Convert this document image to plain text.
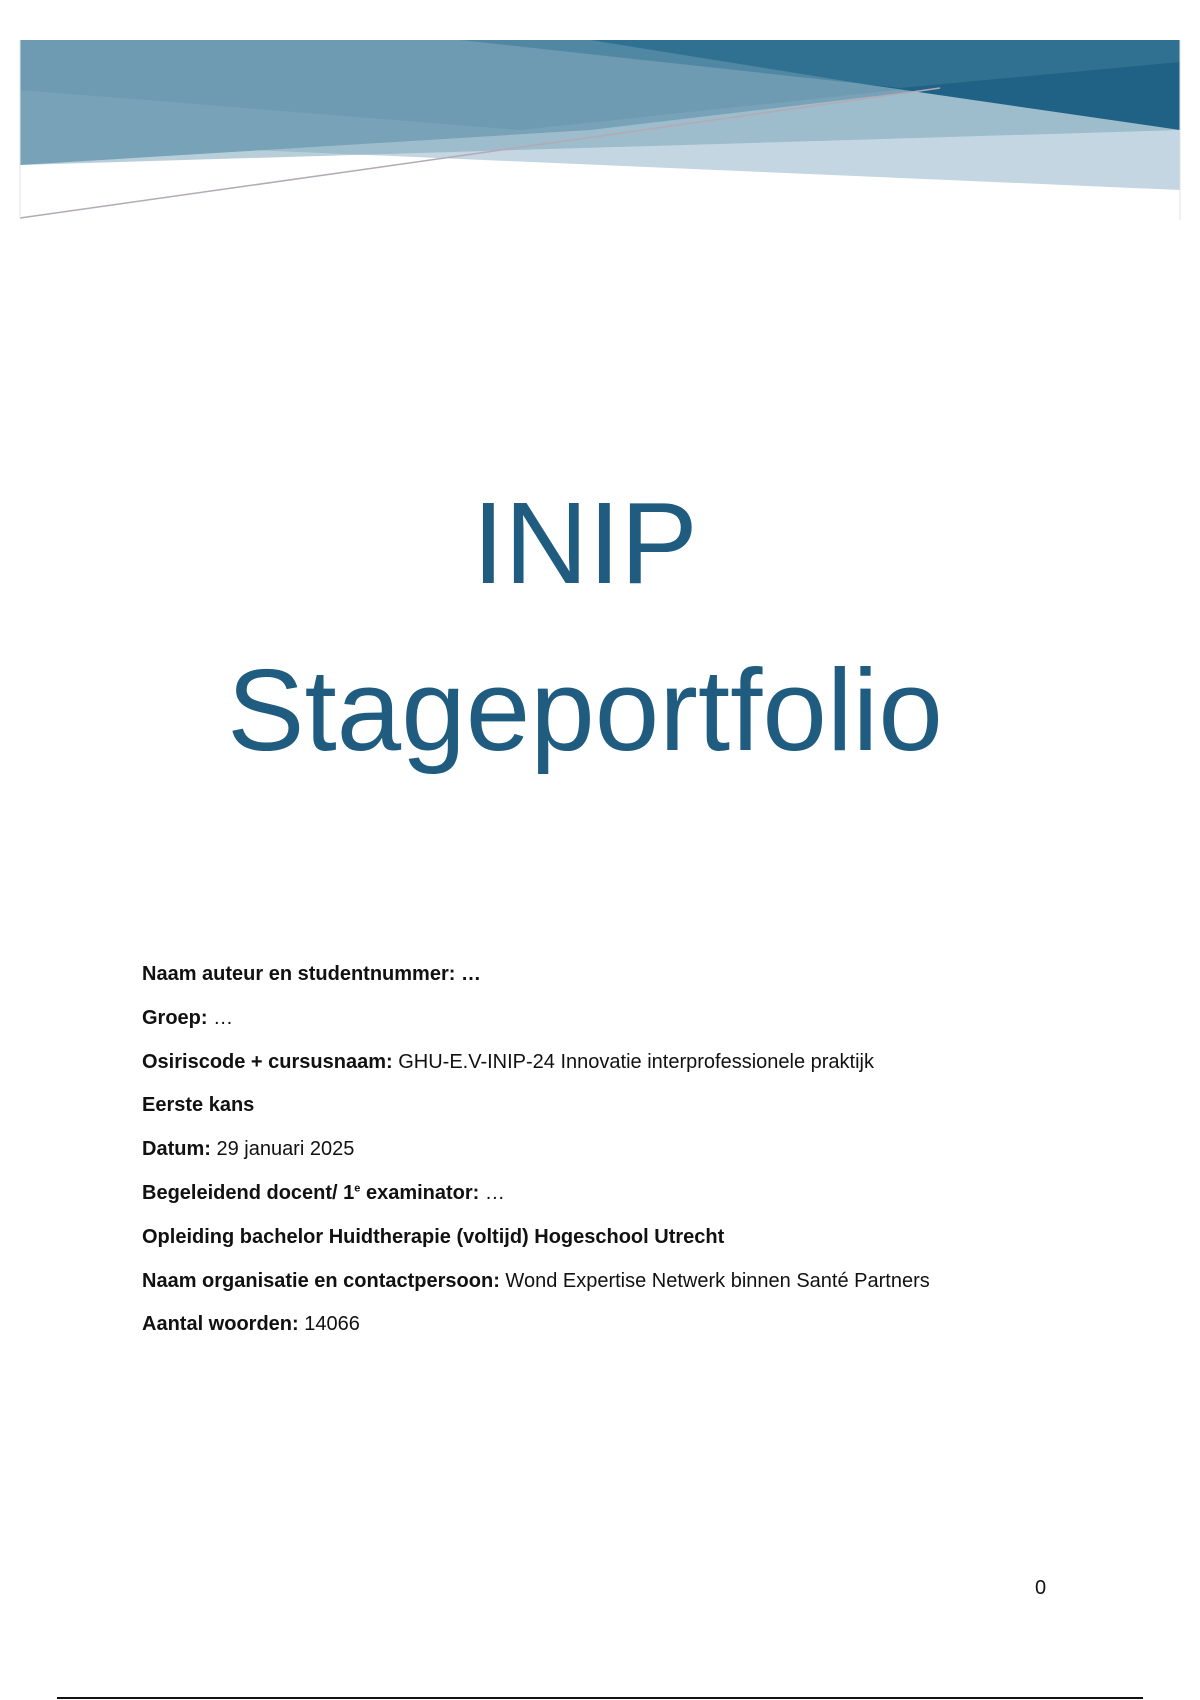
INIP
Stageportfolio
Naam auteur en studentnummer: …
Groep: …
Osiriscode + cursusnaam: GHU-E.V-INIP-24 Innovatie interprofessionele praktijk
Eerste kans
Datum: 29 januari 2025
Begeleidend docent/ 1e examinator: …
Opleiding bachelor Huidtherapie (voltijd) Hogeschool Utrecht
Naam organisatie en contactpersoon: Wond Expertise Netwerk binnen Santé Partners
Aantal woorden: 14066
0
